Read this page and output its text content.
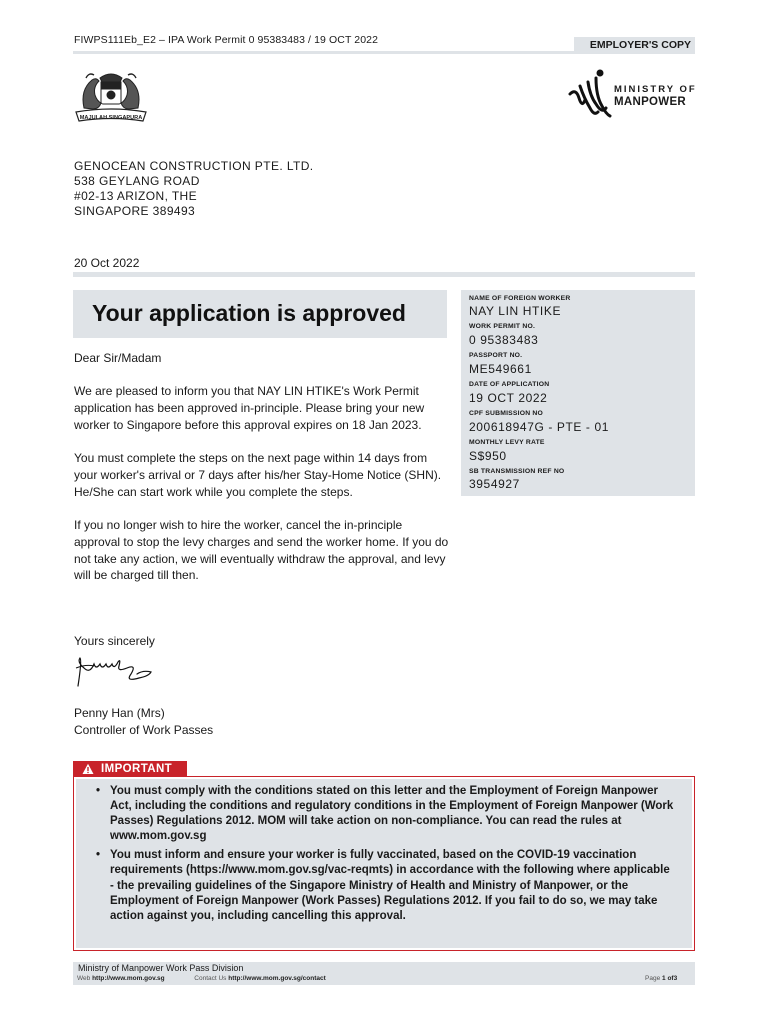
FIWPS111Eb_E2 – IPA Work Permit 0 95383483 / 19 OCT 2022	EMPLOYER'S COPY
MAJULAH SINGAPURA
MINISTRY OF
MANPOWER
GENOCEAN CONSTRUCTION PTE. LTD.
538 GEYLANG ROAD
#02-13 ARIZON, THE
SINGAPORE 389493
20 Oct 2022
Your application is approved

Dear Sir/Madam

We are pleased to inform you that NAY LIN HTIKE's Work Permit application has been approved in-principle. Please bring your new worker to Singapore before this approval expires on 18 Jan 2023.

You must complete the steps on the next page within 14 days from your worker's arrival or 7 days after his/her Stay-Home Notice (SHN). He/She can start work while you complete the steps.

If you no longer wish to hire the worker, cancel the in-principle approval to stop the levy charges and send the worker home. If you do not take any action, we will eventually withdraw the approval, and levy will be charged till then.

Yours sincerely
Penny Han (Mrs)
Controller of Work Passes
NAME OF FOREIGN WORKER
NAY LIN HTIKE
WORK PERMIT NO.
0 95383483
PASSPORT NO.
ME549661
DATE OF APPLICATION
19 OCT 2022
CPF SUBMISSION NO
200618947G - PTE - 01
MONTHLY LEVY RATE
S$950
SB TRANSMISSION REF NO
3954927
IMPORTANT
• You must comply with the conditions stated on this letter and the Employment of Foreign Manpower Act, including the conditions and regulatory conditions in the Employment of Foreign Manpower (Work Passes) Regulations 2012. MOM will take action on non-compliance. You can read the rules at www.mom.gov.sg
• You must inform and ensure your worker is fully vaccinated, based on the COVID-19 vaccination requirements (https://www.mom.gov.sg/vac-reqmts) in accordance with the following where applicable - the prevailing guidelines of the Singapore Ministry of Health and Ministry of Manpower, or the Employment of Foreign Manpower (Work Passes) Regulations 2012. If you fail to do so, we may take action against you, including cancelling this approval.
Ministry of Manpower Work Pass Division
Web http://www.mom.gov.sg	Contact Us http://www.mom.gov.sg/contact	Page 1 of3
